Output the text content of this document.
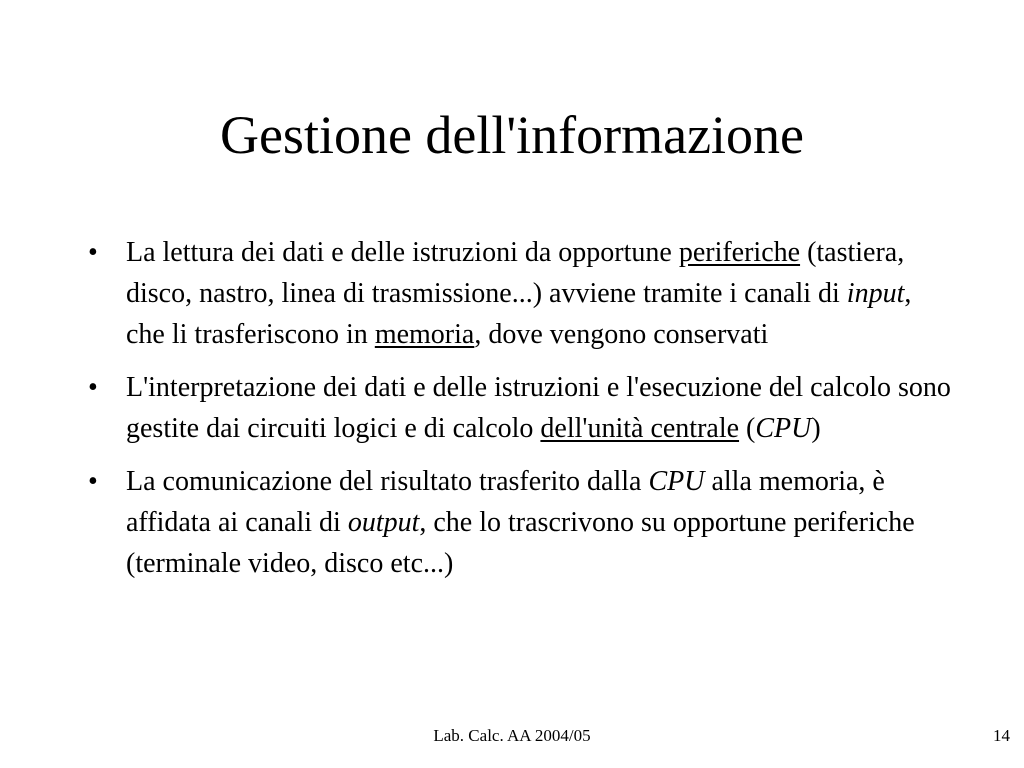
Gestione dell'informazione
• La lettura dei dati e delle istruzioni da opportune periferiche (tastiera, disco, nastro, linea di trasmissione...) avviene tramite i canali di input, che li trasferiscono in memoria, dove vengono conservati
• L'interpretazione dei dati e delle istruzioni e l'esecuzione del calcolo sono gestite dai circuiti logici e di calcolo dell'unità centrale (CPU)
• La comunicazione del risultato trasferito dalla CPU alla memoria, è affidata ai canali di output, che lo trascrivono su opportune periferiche (terminale video, disco etc...)
Lab. Calc. AA 2004/05	14
